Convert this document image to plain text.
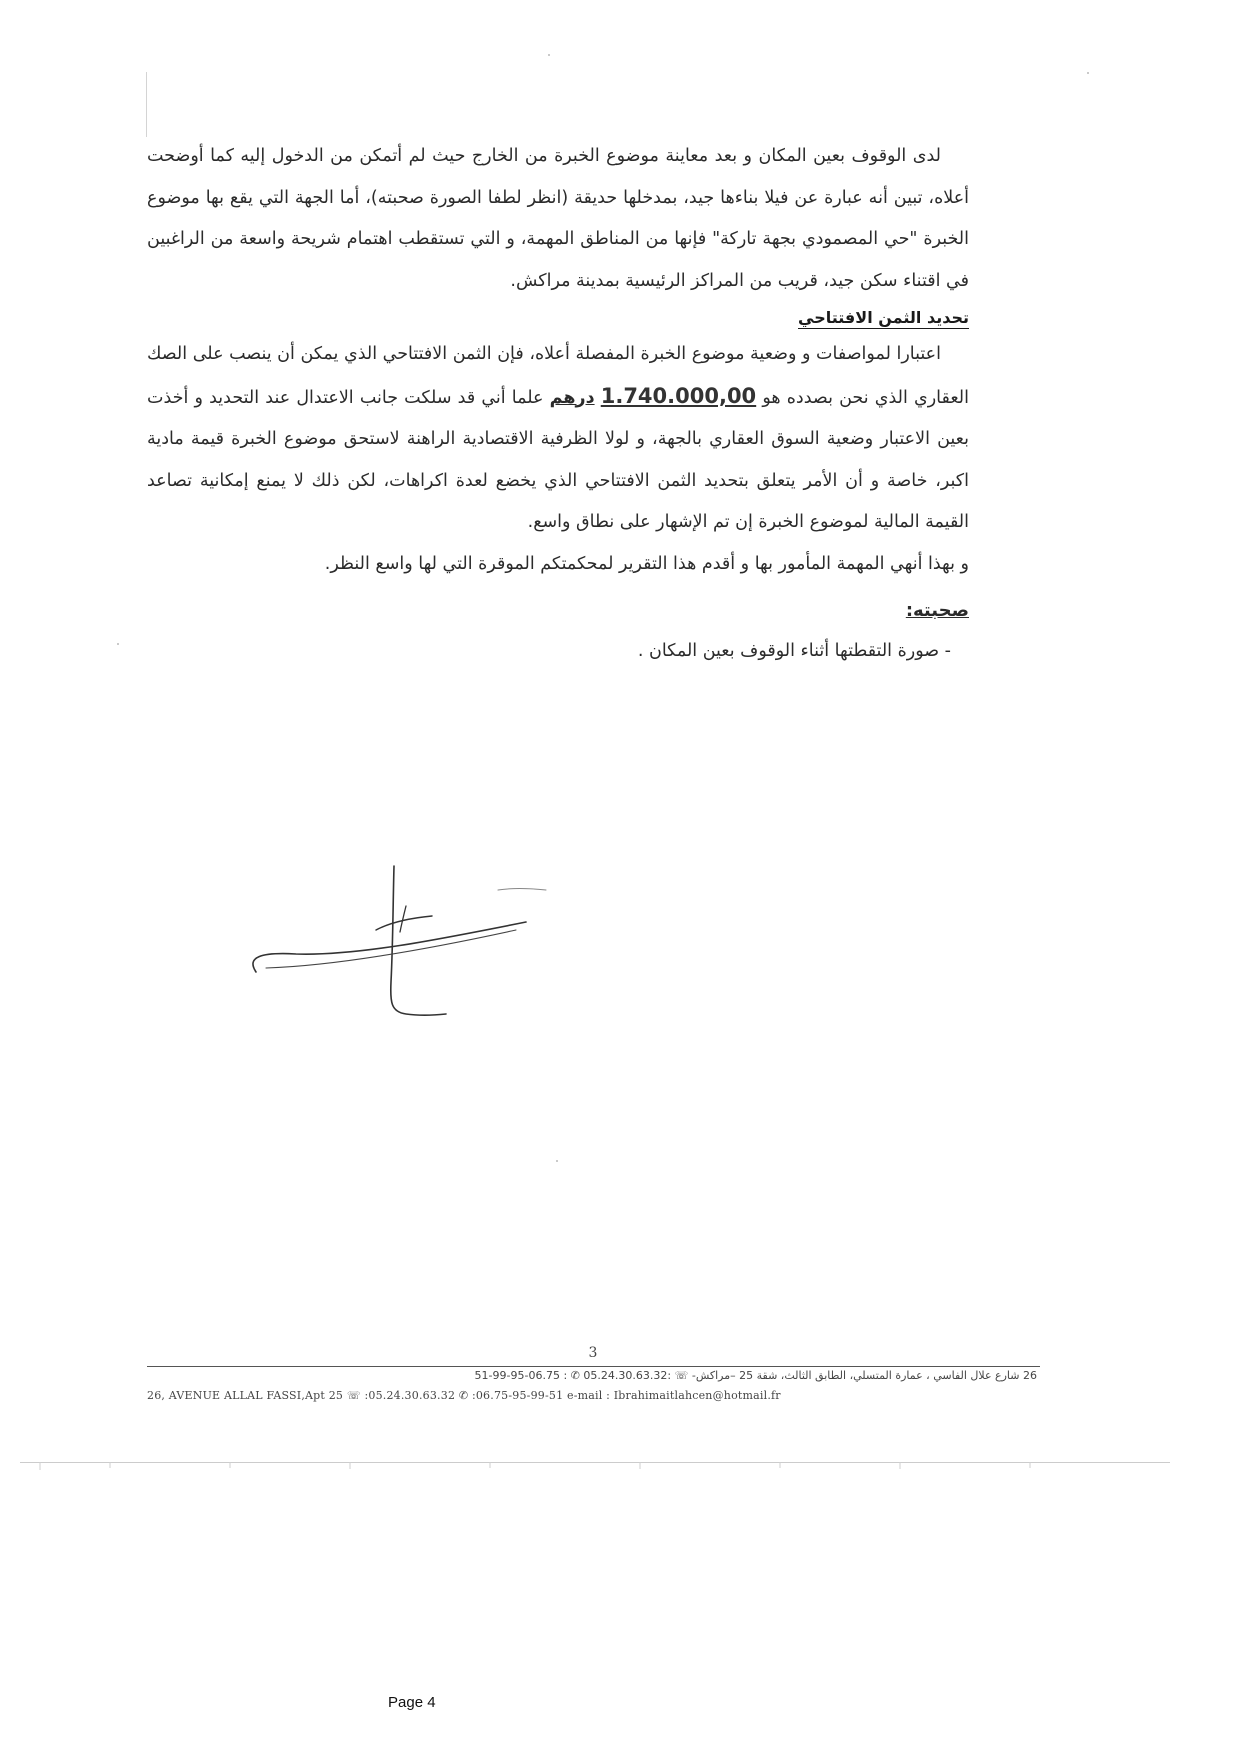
لدى الوقوف بعين المكان و بعد معاينة موضوع الخبرة من الخارج حيث لم أتمكن من الدخول إليه كما أوضحت أعلاه، تبين أنه عبارة عن فيلا بناءها جيد، بمدخلها حديقة (انظر لطفا الصورة صحبته)، أما الجهة التي يقع بها موضوع الخبرة "حي المصمودي بجهة تاركة" فإنها من المناطق المهمة، و التي تستقطب اهتمام شريحة واسعة من الراغبين في اقتناء سكن جيد، قريب من المراكز الرئيسية بمدينة مراكش.

تحديد الثمن الافتتاحي

اعتبارا لمواصفات و وضعية موضوع الخبرة المفصلة أعلاه، فإن الثمن الافتتاحي الذي يمكن أن ينصب على الصك العقاري الذي نحن بصدده هو 1.740.000,00 درهم علما أني قد سلكت جانب الاعتدال عند التحديد و أخذت بعين الاعتبار وضعية السوق العقاري بالجهة، و لولا الظرفية الاقتصادية الراهنة لاستحق موضوع الخبرة قيمة مادية اكبر، خاصة و أن الأمر يتعلق بتحديد الثمن الافتتاحي الذي يخضع لعدة اكراهات، لكن ذلك لا يمنع إمكانية تصاعد القيمة المالية لموضوع الخبرة إن تم الإشهار على نطاق واسع.

و بهذا أنهي المهمة المأمور بها و أقدم هذا التقرير لمحكمتكم الموقرة التي لها واسع النظر.

صحبته:

- صورة التقطتها أثناء الوقوف بعين المكان .

3
26 شارع علال الفاسي ، عمارة المتسلي، الطابق الثالث، شقة 25 –مراكش- ☏ :05.24.30.63.32 ✆ : 06.75-95-99-51
26, AVENUE ALLAL FASSI,Apt 25 ☏ :05.24.30.63.32 ✆ :06.75-95-99-51 e-mail : Ibrahimaitlahcen@hotmail.fr
Page 4
